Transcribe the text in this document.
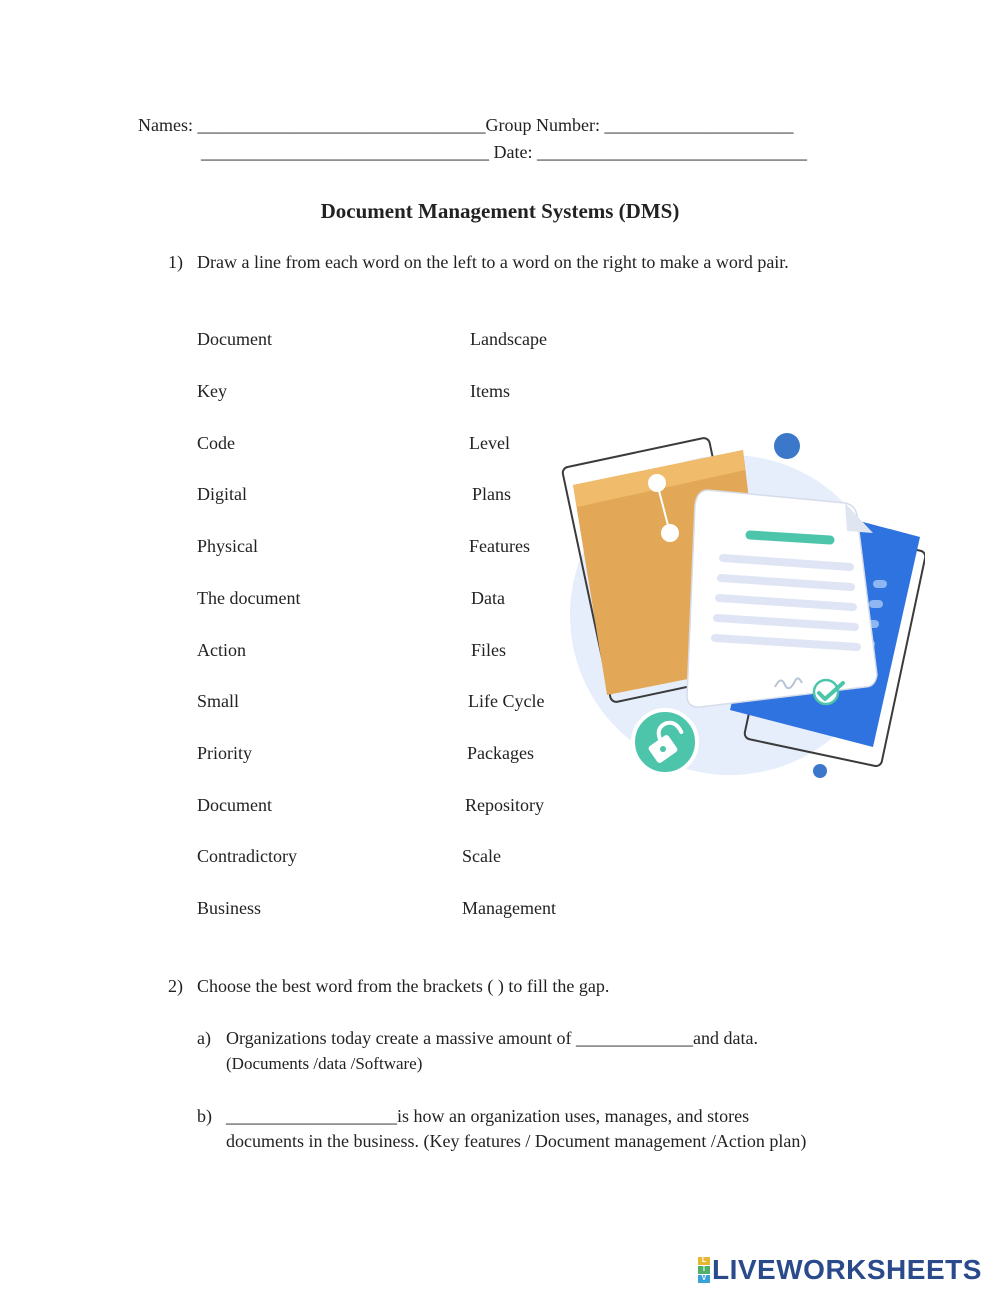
Names: ________________________________Group Number: _____________________
________________________________ Date: ______________________________
Document Management Systems (DMS)
1) Draw a line from each word on the left to a word on the right to make a word pair.
Document
Key
Code
Digital
Physical
The document
Action
Small
Priority
Document
Contradictory
Business
Landscape
Items
Level
Plans
Features
Data
Files
Life Cycle
Packages
Repository
Scale
Management
2) Choose the best word from the brackets ( ) to fill the gap.
a) Organizations today create a massive amount of _____________and data.
(Documents /data /Software)
b) ___________________is how an organization uses, manages, and stores
documents in the business. (Key features / Document management /Action plan)
L
I
V LIVEWORKSHEETS
